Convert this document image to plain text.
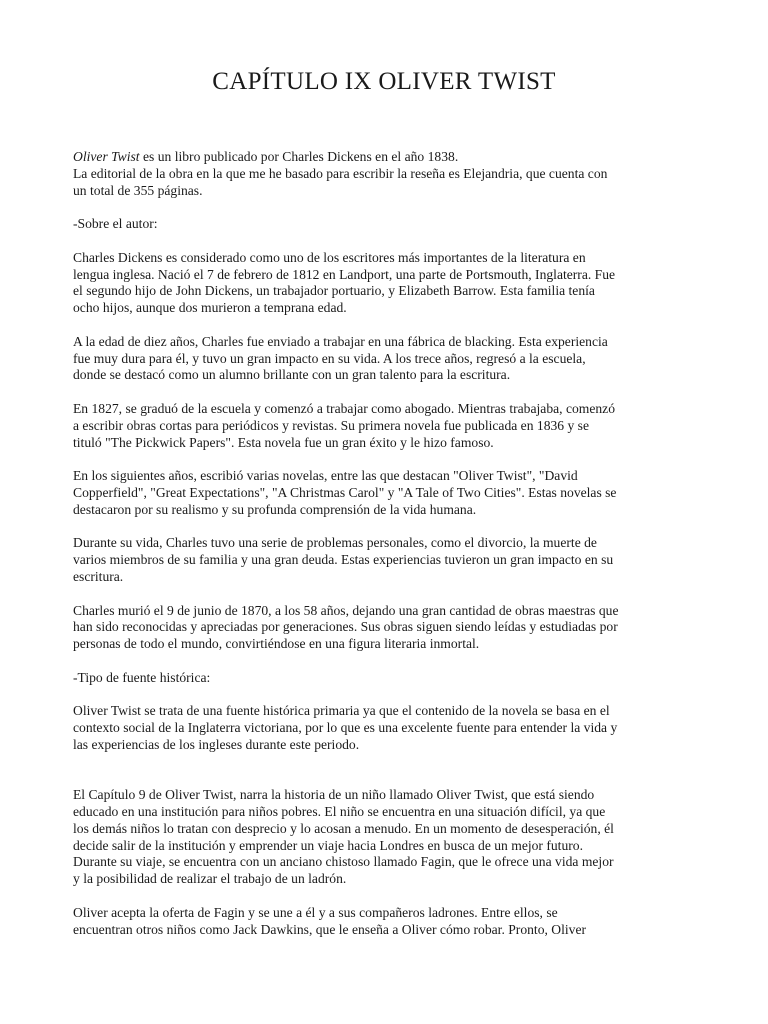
CAPÍTULO IX OLIVER TWIST

Oliver Twist es un libro publicado por Charles Dickens en el año 1838.
La editorial de la obra en la que me he basado para escribir la reseña es Elejandria, que cuenta con
un total de 355 páginas.

-Sobre el autor:

Charles Dickens es considerado como uno de los escritores más importantes de la literatura en
lengua inglesa. Nació el 7 de febrero de 1812 en Landport, una parte de Portsmouth, Inglaterra. Fue
el segundo hijo de John Dickens, un trabajador portuario, y Elizabeth Barrow. Esta familia tenía
ocho hijos, aunque dos murieron a temprana edad.

A la edad de diez años, Charles fue enviado a trabajar en una fábrica de blacking. Esta experiencia
fue muy dura para él, y tuvo un gran impacto en su vida. A los trece años, regresó a la escuela,
donde se destacó como un alumno brillante con un gran talento para la escritura.

En 1827, se graduó de la escuela y comenzó a trabajar como abogado. Mientras trabajaba, comenzó
a escribir obras cortas para periódicos y revistas. Su primera novela fue publicada en 1836 y se
tituló "The Pickwick Papers". Esta novela fue un gran éxito y le hizo famoso.

En los siguientes años, escribió varias novelas, entre las que destacan "Oliver Twist", "David
Copperfield", "Great Expectations", "A Christmas Carol" y "A Tale of Two Cities". Estas novelas se
destacaron por su realismo y su profunda comprensión de la vida humana.

Durante su vida, Charles tuvo una serie de problemas personales, como el divorcio, la muerte de
varios miembros de su familia y una gran deuda. Estas experiencias tuvieron un gran impacto en su
escritura.

Charles murió el 9 de junio de 1870, a los 58 años, dejando una gran cantidad de obras maestras que
han sido reconocidas y apreciadas por generaciones. Sus obras siguen siendo leídas y estudiadas por
personas de todo el mundo, convirtiéndose en una figura literaria inmortal.

-Tipo de fuente histórica:

Oliver Twist se trata de una fuente histórica primaria ya que el contenido de la novela se basa en el
contexto social de la Inglaterra victoriana, por lo que es una excelente fuente para entender la vida y
las experiencias de los ingleses durante este periodo.

El Capítulo 9 de Oliver Twist, narra la historia de un niño llamado Oliver Twist, que está siendo
educado en una institución para niños pobres. El niño se encuentra en una situación difícil, ya que
los demás niños lo tratan con desprecio y lo acosan a menudo. En un momento de desesperación, él
decide salir de la institución y emprender un viaje hacia Londres en busca de un mejor futuro.
Durante su viaje, se encuentra con un anciano chistoso llamado Fagin, que le ofrece una vida mejor
y la posibilidad de realizar el trabajo de un ladrón.

Oliver acepta la oferta de Fagin y se une a él y a sus compañeros ladrones. Entre ellos, se
encuentran otros niños como Jack Dawkins, que le enseña a Oliver cómo robar. Pronto, Oliver
